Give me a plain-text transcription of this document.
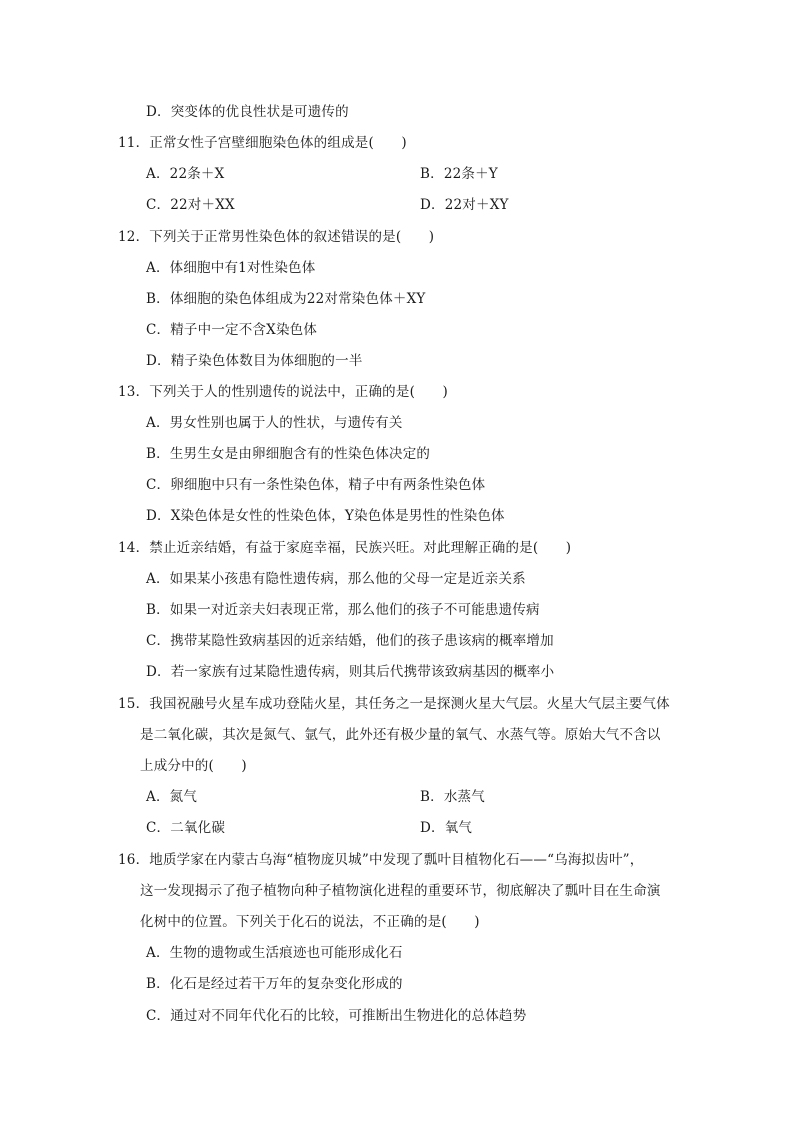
D．突变体的优良性状是可遗传的
11．正常女性子宫壁细胞染色体的组成是(　　)
A．22条＋X	B．22条＋Y
C．22对＋XX	D．22对＋XY
12．下列关于正常男性染色体的叙述错误的是(　　)
A．体细胞中有1对性染色体
B．体细胞的染色体组成为22对常染色体＋XY
C．精子中一定不含X染色体
D．精子染色体数目为体细胞的一半
13．下列关于人的性别遗传的说法中，正确的是(　　)
A．男女性别也属于人的性状，与遗传有关
B．生男生女是由卵细胞含有的性染色体决定的
C．卵细胞中只有一条性染色体，精子中有两条性染色体
D．X染色体是女性的性染色体，Y染色体是男性的性染色体
14．禁止近亲结婚，有益于家庭幸福，民族兴旺。对此理解正确的是(　　)
A．如果某小孩患有隐性遗传病，那么他的父母一定是近亲关系
B．如果一对近亲夫妇表现正常，那么他们的孩子不可能患遗传病
C．携带某隐性致病基因的近亲结婚，他们的孩子患该病的概率增加
D．若一家族有过某隐性遗传病，则其后代携带该致病基因的概率小
15．我国祝融号火星车成功登陆火星，其任务之一是探测火星大气层。火星大气层主要气体
是二氧化碳，其次是氮气、氩气，此外还有极少量的氧气、水蒸气等。原始大气不含以
上成分中的(　　)
A．氮气	B．水蒸气
C．二氧化碳	D．氧气
16．地质学家在内蒙古乌海“植物庞贝城”中发现了瓢叶目植物化石——“乌海拟齿叶”，
这一发现揭示了孢子植物向种子植物演化进程的重要环节，彻底解决了瓢叶目在生命演
化树中的位置。下列关于化石的说法，不正确的是(　　)
A．生物的遗物或生活痕迹也可能形成化石
B．化石是经过若干万年的复杂变化形成的
C．通过对不同年代化石的比较，可推断出生物进化的总体趋势
